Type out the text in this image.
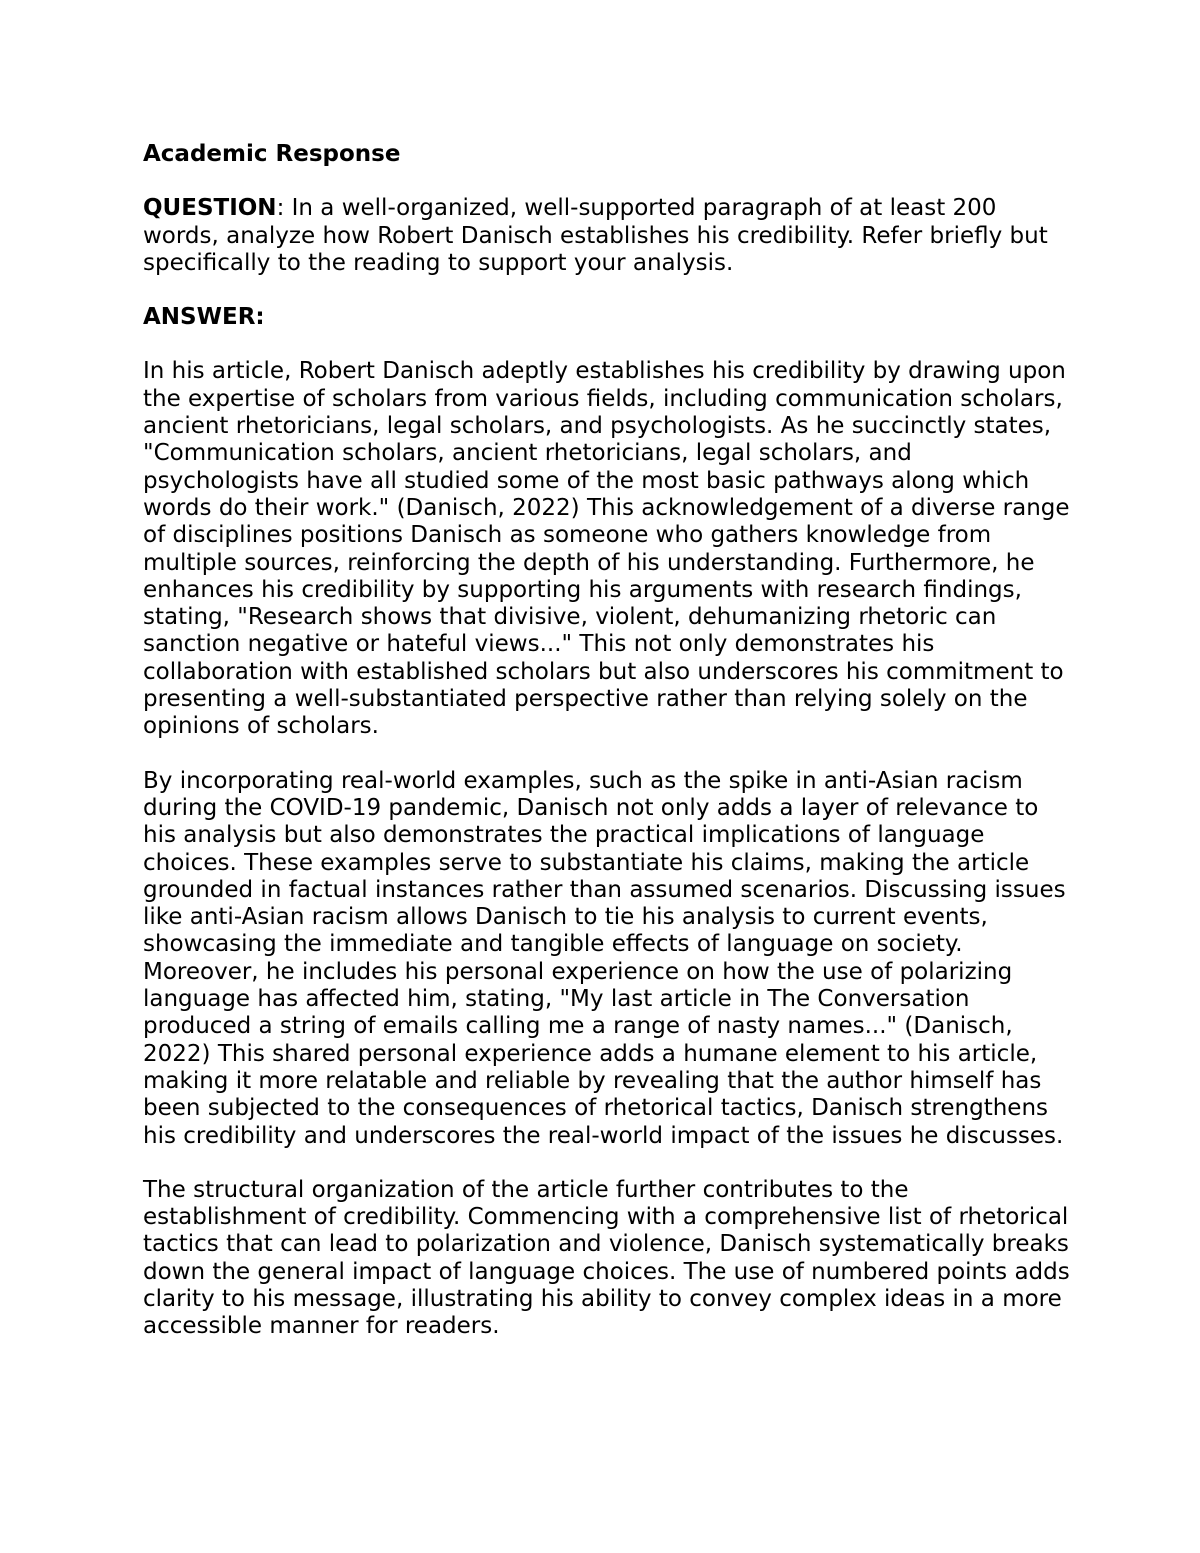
Academic Response
QUESTION: In a well-organized, well-supported paragraph of at least 200 words, analyze how Robert Danisch establishes his credibility. Refer briefly but specifically to the reading to support your analysis.
ANSWER:
In his article, Robert Danisch adeptly establishes his credibility by drawing upon the expertise of scholars from various fields, including communication scholars, ancient rhetoricians, legal scholars, and psychologists. As he succinctly states, "Communication scholars, ancient rhetoricians, legal scholars, and psychologists have all studied some of the most basic pathways along which words do their work." (Danisch, 2022) This acknowledgement of a diverse range of disciplines positions Danisch as someone who gathers knowledge from multiple sources, reinforcing the depth of his understanding. Furthermore, he enhances his credibility by supporting his arguments with research findings, stating, "Research shows that divisive, violent, dehumanizing rhetoric can sanction negative or hateful views..." This not only demonstrates his collaboration with established scholars but also underscores his commitment to presenting a well-substantiated perspective rather than relying solely on the opinions of scholars.
By incorporating real-world examples, such as the spike in anti-Asian racism during the COVID-19 pandemic, Danisch not only adds a layer of relevance to his analysis but also demonstrates the practical implications of language choices. These examples serve to substantiate his claims, making the article grounded in factual instances rather than assumed scenarios. Discussing issues like anti-Asian racism allows Danisch to tie his analysis to current events, showcasing the immediate and tangible effects of language on society. Moreover, he includes his personal experience on how the use of polarizing language has affected him, stating, "My last article in The Conversation produced a string of emails calling me a range of nasty names..." (Danisch, 2022) This shared personal experience adds a humane element to his article, making it more relatable and reliable by revealing that the author himself has been subjected to the consequences of rhetorical tactics, Danisch strengthens his credibility and underscores the real-world impact of the issues he discusses.
The structural organization of the article further contributes to the establishment of credibility. Commencing with a comprehensive list of rhetorical tactics that can lead to polarization and violence, Danisch systematically breaks down the general impact of language choices. The use of numbered points adds clarity to his message, illustrating his ability to convey complex ideas in a more accessible manner for readers.
